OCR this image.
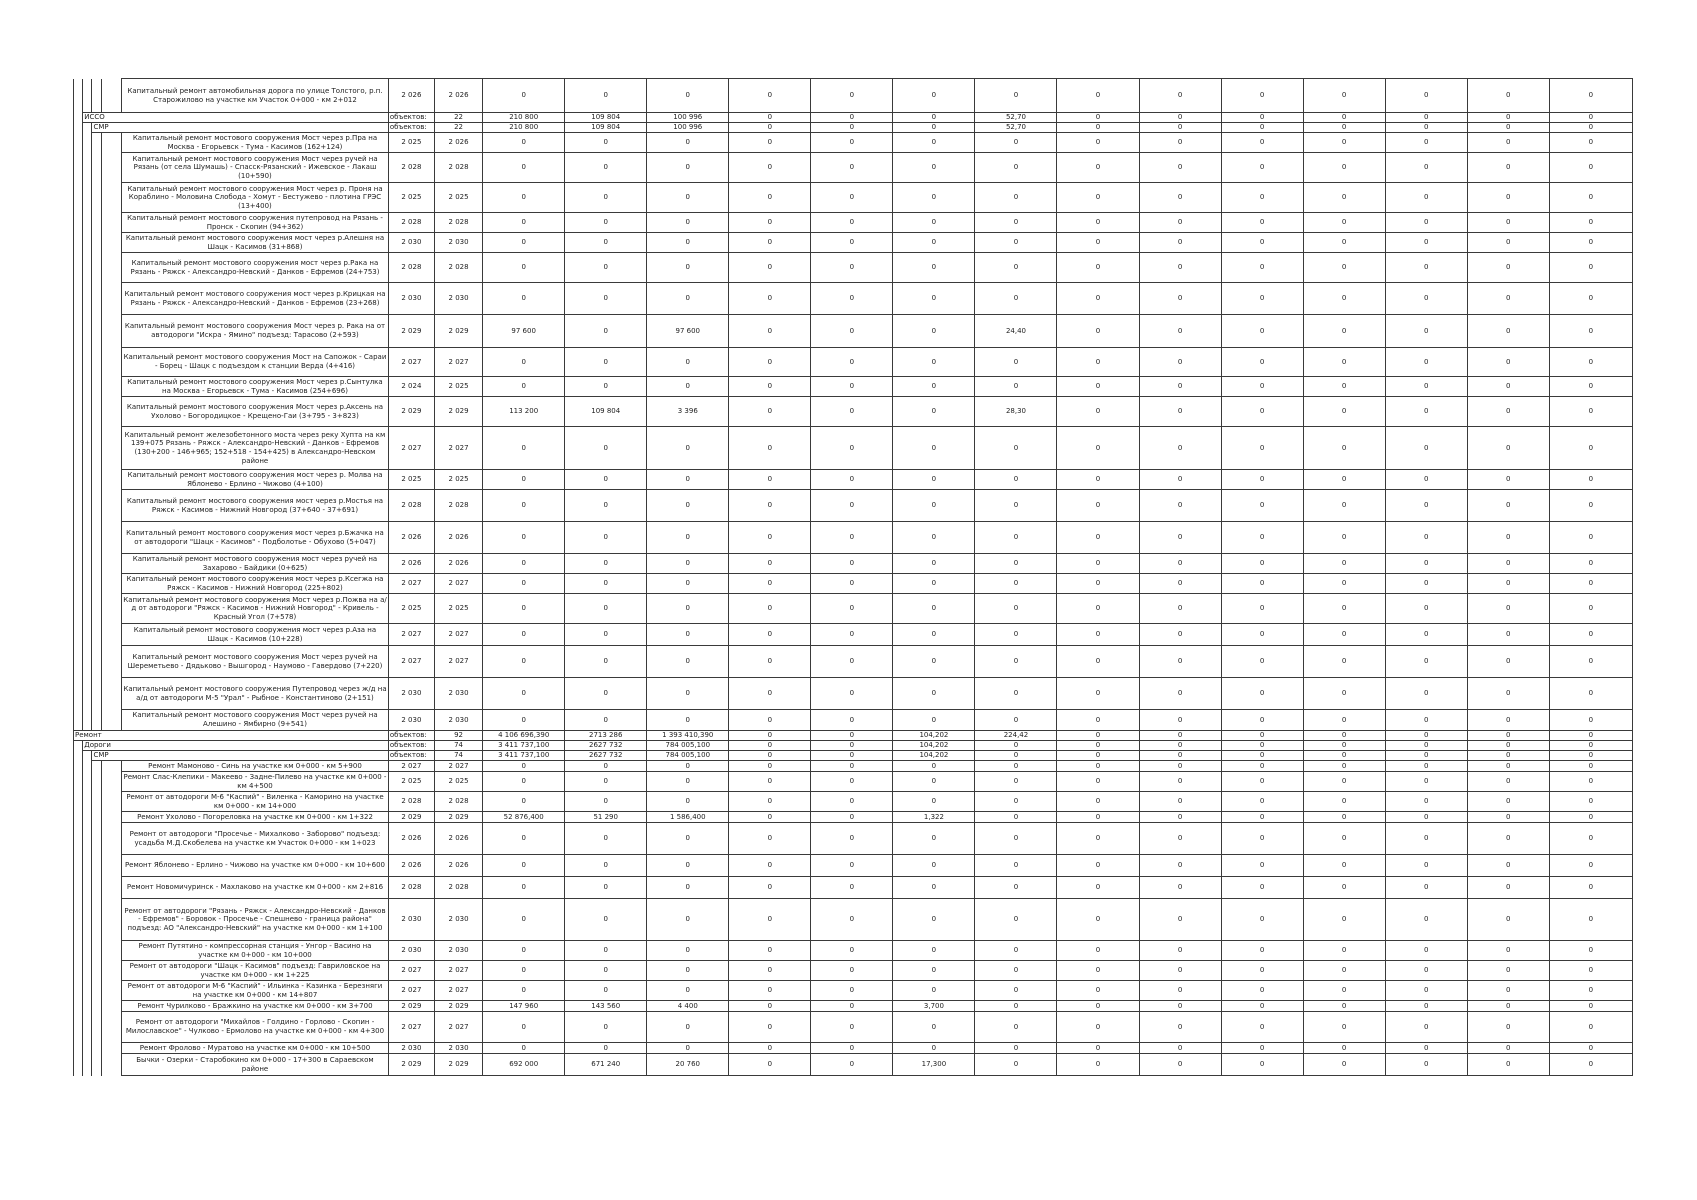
				Капитальный ремонт автомобильная дорога по улице Толстого, р.п. Старожилово на участке км Участок 0+000 - км 2+012	2 026	2 026	0	0	0	0	0	0	0	0	0	0	0	0	0	0
	ИССО				объектов:	22	210 800	109 804	100 996	0	0	0	52,70	0	0	0	0	0	0	0
		СМР			объектов:	22	210 800	109 804	100 996	0	0	0	52,70	0	0	0	0	0	0	0
				Капитальный ремонт мостового сооружения Мост через р.Пра на Москва - Егорьевск - Тума - Касимов (162+124)	2 025	2 026	0	0	0	0	0	0	0	0	0	0	0	0	0	0
				Капитальный ремонт мостового сооружения Мост через ручей на Рязань (от села Шумашь) - Спасск-Рязанский - Ижевское - Лакаш (10+590)	2 028	2 028	0	0	0	0	0	0	0	0	0	0	0	0	0	0
				Капитальный ремонт мостового сооружения Мост через р. Проня на Кораблино - Моловина Слобода - Хомут - Бестужево - плотина ГРЭС (13+400)	2 025	2 025	0	0	0	0	0	0	0	0	0	0	0	0	0	0
				Капитальный ремонт мостового сооружения путепровод на Рязань - Пронск - Скопин (94+362)	2 028	2 028	0	0	0	0	0	0	0	0	0	0	0	0	0	0
				Капитальный ремонт мостового сооружения мост через р.Алешня на Шацк - Касимов (31+868)	2 030	2 030	0	0	0	0	0	0	0	0	0	0	0	0	0	0
				Капитальный ремонт мостового сооружения мост через р.Рака на Рязань - Ряжск - Александро-Невский - Данков - Ефремов (24+753)	2 028	2 028	0	0	0	0	0	0	0	0	0	0	0	0	0	0
				Капитальный ремонт мостового сооружения мост через р.Крицкая на Рязань - Ряжск - Александро-Невский - Данков - Ефремов (23+268)	2 030	2 030	0	0	0	0	0	0	0	0	0	0	0	0	0	0
				Капитальный ремонт мостового сооружения Мост через р. Рака на от автодороги "Искра - Ямино" подъезд: Тарасово (2+593)	2 029	2 029	97 600	0	97 600	0	0	0	24,40	0	0	0	0	0	0	0
				Капитальный ремонт мостового сооружения Мост на Сапожок - Сараи - Борец - Шацк с подъездом к станции Верда (4+416)	2 027	2 027	0	0	0	0	0	0	0	0	0	0	0	0	0	0
				Капитальный ремонт мостового сооружения Мост через р.Сынтулка на Москва - Егорьевск - Тума - Касимов (254+696)	2 024	2 025	0	0	0	0	0	0	0	0	0	0	0	0	0	0
				Капитальный ремонт мостового сооружения Мост через р.Аксень на Ухолово - Богородицкое - Крещено-Гаи (3+795 - 3+823)	2 029	2 029	113 200	109 804	3 396	0	0	0	28,30	0	0	0	0	0	0	0
				Капитальный ремонт железобетонного моста через реку Хупта на км 139+075 Рязань - Ряжск - Александро-Невский - Данков - Ефремов (130+200 - 146+965; 152+518 - 154+425) в Александро-Невском районе	2 027	2 027	0	0	0	0	0	0	0	0	0	0	0	0	0	0
				Капитальный ремонт мостового сооружения мост через р. Молва на Яблонево - Ерлино - Чижово (4+100)	2 025	2 025	0	0	0	0	0	0	0	0	0	0	0	0	0	0
				Капитальный ремонт мостового сооружения мост через р.Мостья на Ряжск - Касимов - Нижний Новгород (37+640 - 37+691)	2 028	2 028	0	0	0	0	0	0	0	0	0	0	0	0	0	0
				Капитальный ремонт мостового сооружения мост через р.Бжачка на от автодороги "Шацк - Касимов" - Подболотье - Обухово (5+047)	2 026	2 026	0	0	0	0	0	0	0	0	0	0	0	0	0	0
				Капитальный ремонт мостового сооружения мост через ручей на Захарово - Байдики (0+625)	2 026	2 026	0	0	0	0	0	0	0	0	0	0	0	0	0	0
				Капитальный ремонт мостового сооружения мост через р.Ксегжа на Ряжск - Касимов - Нижний Новгород (225+802)	2 027	2 027	0	0	0	0	0	0	0	0	0	0	0	0	0	0
				Капитальный ремонт мостового сооружения Мост через р.Пожва на а/д от автодороги "Ряжск - Касимов - Нижний Новгород" - Кривель - Красный Угол (7+578)	2 025	2 025	0	0	0	0	0	0	0	0	0	0	0	0	0	0
				Капитальный ремонт мостового сооружения мост через р.Аза на Шацк - Касимов (10+228)	2 027	2 027	0	0	0	0	0	0	0	0	0	0	0	0	0	0
				Капитальный ремонт мостового сооружения Мост через ручей на Шереметьево - Дядьково - Вышгород - Наумово - Гавердово (7+220)	2 027	2 027	0	0	0	0	0	0	0	0	0	0	0	0	0	0
				Капитальный ремонт мостового сооружения Путепровод через ж/д на а/д от автодороги М-5 "Урал" - Рыбное - Константиново (2+151)	2 030	2 030	0	0	0	0	0	0	0	0	0	0	0	0	0	0
				Капитальный ремонт мостового сооружения Мост через ручей на Алешино - Ямбирно (9+541)	2 030	2 030	0	0	0	0	0	0	0	0	0	0	0	0	0	0
Ремонт					объектов:	92	4 106 696,390	2713 286	1 393 410,390	0	0	104,202	224,42	0	0	0	0	0	0	0
	Дороги				объектов:	74	3 411 737,100	2627 732	784 005,100	0	0	104,202	0	0	0	0	0	0	0	0
		СМР			объектов:	74	3 411 737,100	2627 732	784 005,100	0	0	104,202	0	0	0	0	0	0	0	0
				Ремонт Мамоново - Синь на участке км 0+000 - км 5+900	2 027	2 027	0	0	0	0	0	0	0	0	0	0	0	0	0	0
				Ремонт Слас-Клепики - Макеево - Задне-Пилево на участке км 0+000 - км 4+500	2 025	2 025	0	0	0	0	0	0	0	0	0	0	0	0	0	0
				Ремонт от автодороги М-6 "Каспий" - Виленка - Каморино на участке км 0+000 - км 14+000	2 028	2 028	0	0	0	0	0	0	0	0	0	0	0	0	0	0
				Ремонт Ухолово - Погореловка на участке км 0+000 - км 1+322	2 029	2 029	52 876,400	51 290	1 586,400	0	0	1,322	0	0	0	0	0	0	0	0
				Ремонт от автодороги "Просечье - Михалково - Заборово" подъезд: усадьба М.Д.Скобелева на участке км Участок 0+000 - км 1+023	2 026	2 026	0	0	0	0	0	0	0	0	0	0	0	0	0	0
				Ремонт Яблонево - Ерлино - Чижово на участке км 0+000 - км 10+600	2 026	2 026	0	0	0	0	0	0	0	0	0	0	0	0	0	0
				Ремонт Новомичуринск - Махлаково на участке км 0+000 - км 2+816	2 028	2 028	0	0	0	0	0	0	0	0	0	0	0	0	0	0
				Ремонт от автодороги "Рязань - Ряжск - Александро-Невский - Данков - Ефремов" - Боровок - Просечье - Спешнево - граница района" подъезд: АО "Александро-Невский" на участке км 0+000 - км 1+100	2 030	2 030	0	0	0	0	0	0	0	0	0	0	0	0	0	0
				Ремонт Путятино - компрессорная станция - Унгор - Васино на участке км 0+000 - км 10+000	2 030	2 030	0	0	0	0	0	0	0	0	0	0	0	0	0	0
				Ремонт от автодороги "Шацк - Касимов" подъезд: Гавриловское на участке км 0+000 - км 1+225	2 027	2 027	0	0	0	0	0	0	0	0	0	0	0	0	0	0
				Ремонт от автодороги М-6 "Каспий" - Ильинка - Казинка - Березняги на участке км 0+000 - км 14+807	2 027	2 027	0	0	0	0	0	0	0	0	0	0	0	0	0	0
				Ремонт Чурилково - Бражкино на участке км 0+000 - км 3+700	2 029	2 029	147 960	143 560	4 400	0	0	3,700	0	0	0	0	0	0	0	0
				Ремонт от автодороги "Михайлов - Голдино - Горлово - Скопин - Милославское" - Чулково - Ермолово на участке км 0+000 - км 4+300	2 027	2 027	0	0	0	0	0	0	0	0	0	0	0	0	0	0
				Ремонт Фролово - Муратово на участке км 0+000 - км 10+500	2 030	2 030	0	0	0	0	0	0	0	0	0	0	0	0	0	0
				Бычки - Озерки - Старобокино км 0+000 - 17+300 в Сараевском районе	2 029	2 029	692 000	671 240	20 760	0	0	17,300	0	0	0	0	0	0	0	0
